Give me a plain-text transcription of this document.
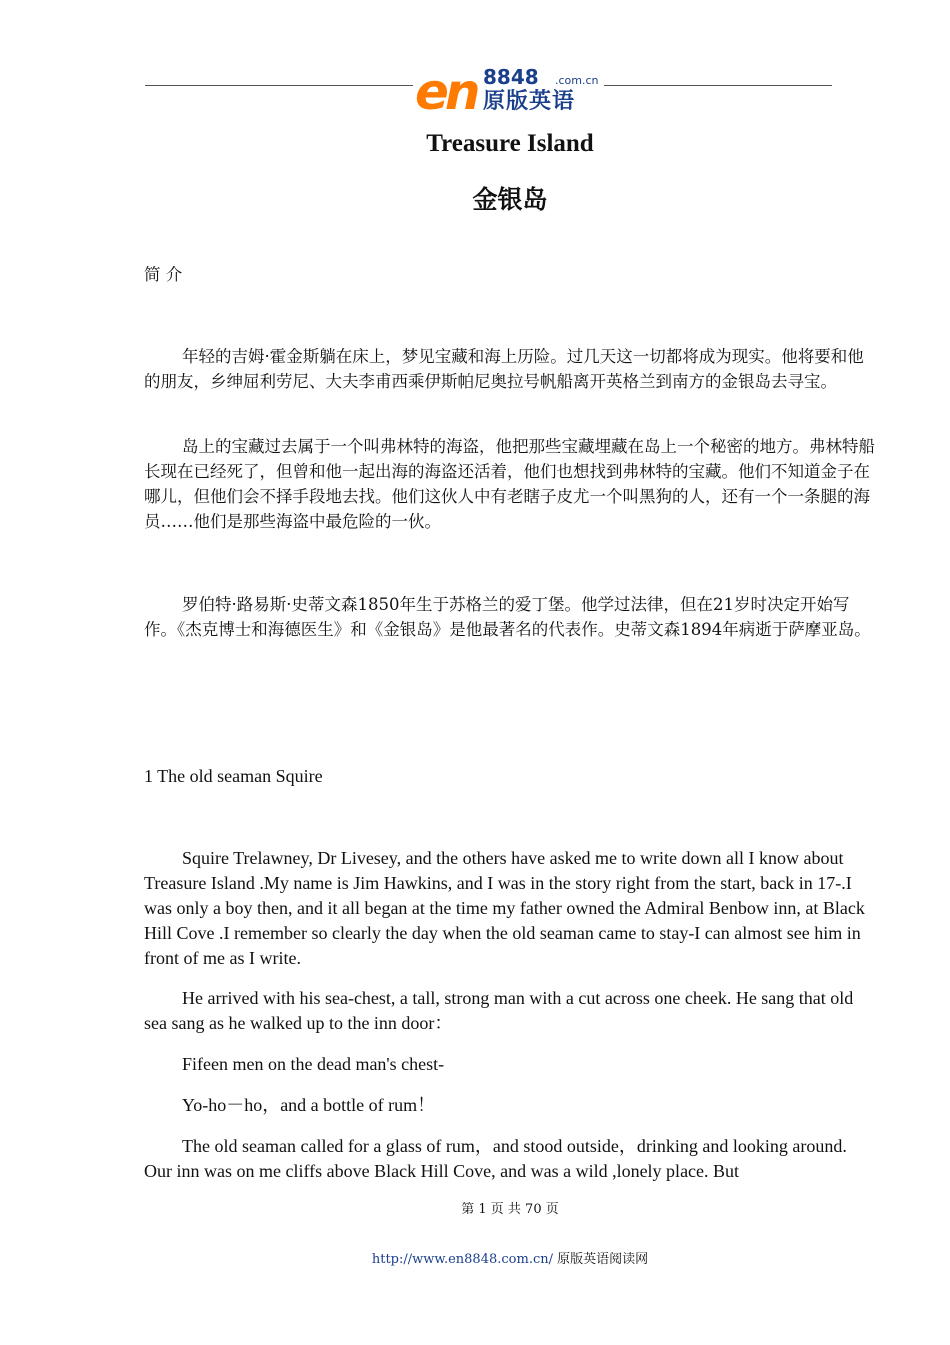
en 8848 .com.cn
原版英语
Treasure Island
金银岛
简 介
年轻的吉姆·霍金斯躺在床上，梦见宝藏和海上历险。过几天这一切都将成为现实。他将要和他的朋友，乡绅屈利劳尼、大夫李甫西乘伊斯帕尼奥拉号帆船离开英格兰到南方的金银岛去寻宝。
岛上的宝藏过去属于一个叫弗林特的海盗，他把那些宝藏埋藏在岛上一个秘密的地方。弗林特船长现在已经死了，但曾和他一起出海的海盗还活着，他们也想找到弗林特的宝藏。他们不知道金子在哪儿，但他们会不择手段地去找。他们这伙人中有老瞎子皮尤一个叫黑狗的人，还有一个一条腿的海员……他们是那些海盗中最危险的一伙。
罗伯特·路易斯·史蒂文森1850年生于苏格兰的爱丁堡。他学过法律，但在21岁时决定开始写作。《杰克博士和海德医生》和《金银岛》是他最著名的代表作。史蒂文森1894年病逝于萨摩亚岛。
1 The old seaman Squire
Squire Trelawney, Dr Livesey, and the others have asked me to write down all I know about Treasure Island .My name is Jim Hawkins, and I was in the story right from the start, back in 17-.I was only a boy then, and it all began at the time my father owned the Admiral Benbow inn, at Black Hill Cove .I remember so clearly the day when the old seaman came to stay-I can almost see him in front of me as I write.
He arrived with his sea-chest, a tall, strong man with a cut across one cheek. He sang that old sea sang as he walked up to the inn door：
Fifeen men on the dead man's chest-
Yo-ho－ho，and a bottle of rum！
The old seaman called for a glass of rum，and stood outside，drinking and looking around. Our inn was on me cliffs above Black Hill Cove, and was a wild ,lonely place. But
第 1 页 共 70 页
http://www.en8848.com.cn/ 原版英语阅读网
